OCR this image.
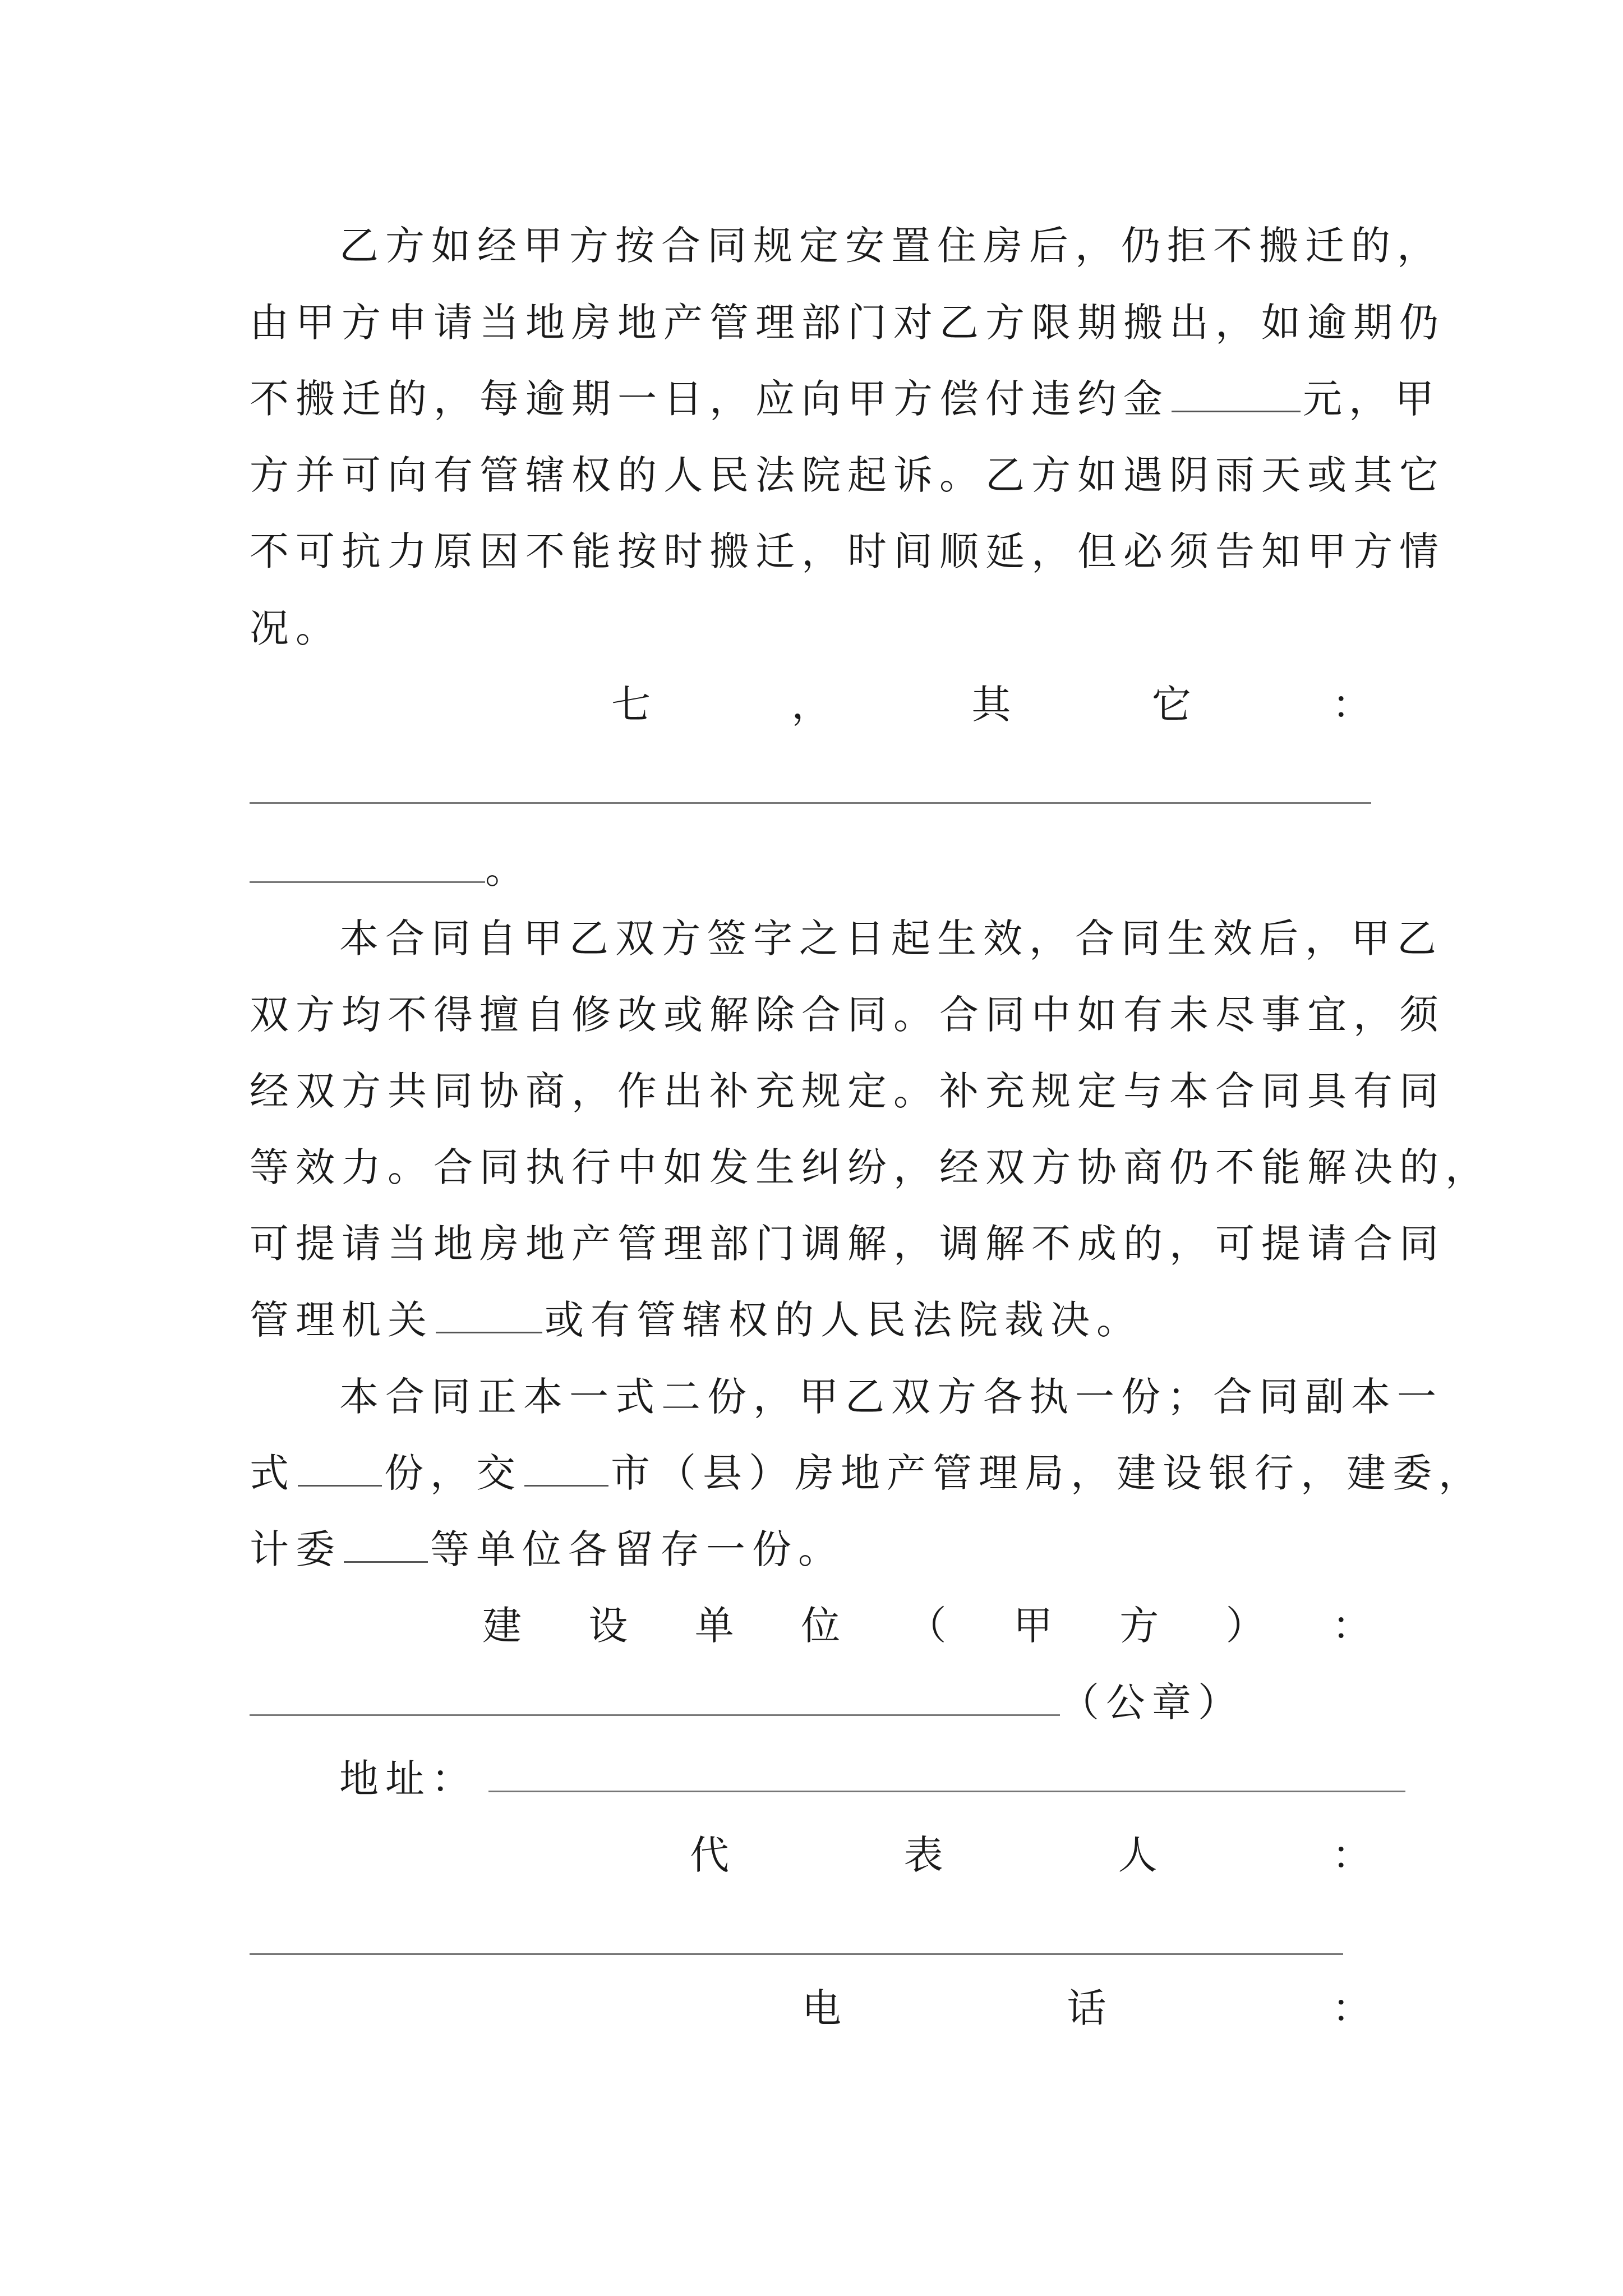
乙方如经甲方按合同规定安置住房后，仍拒不搬迁的，
由甲方申请当地房地产管理部门对乙方限期搬出，如逾期仍
不搬迁的，每逾期一日，应向甲方偿付违约金	元，甲
方并可向有管辖权的人民法院起诉。乙方如遇阴雨天或其它
不可抗力原因不能按时搬迁，时间顺延，但必须告知甲方情
况。
七	，	其	它	：
。
本合同自甲乙双方签字之日起生效，合同生效后，甲乙
双方均不得擅自修改或解除合同。合同中如有未尽事宜，须
经双方共同协商，作出补充规定。补充规定与本合同具有同
等效力。合同执行中如发生纠纷，经双方协商仍不能解决的，
可提请当地房地产管理部门调解，调解不成的，可提请合同
管理机关	或有管辖权的人民法院裁决。
本合同正本一式二份，甲乙双方各执一份；合同副本一
式 份，交 市（县）房地产管理局，建设银行，建委，
计委 等单位各留存一份。
建 设 单 位 （ 甲 方 ） ：
（公章）
地址：
代	表	人	：
电	话	：
